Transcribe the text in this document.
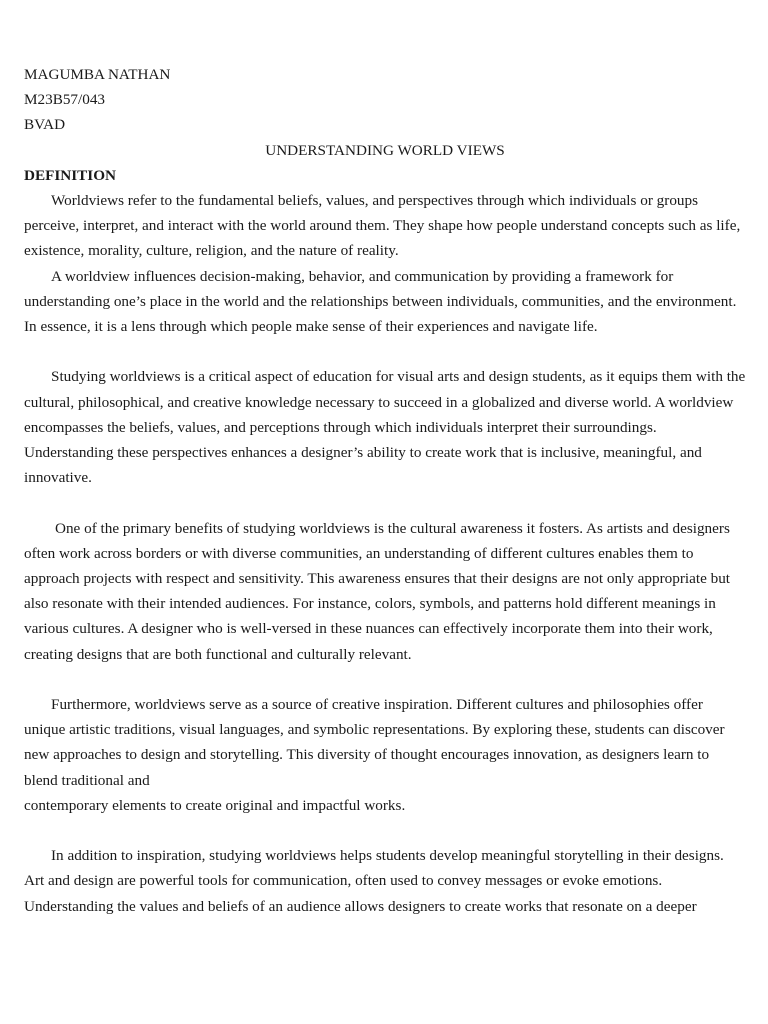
MAGUMBA NATHAN

M23B57/043

BVAD

UNDERSTANDING WORLD VIEWS

DEFINITION

Worldviews refer to the fundamental beliefs, values, and perspectives through which individuals or groups perceive, interpret, and interact with the world around them. They shape how people understand concepts such as life, existence, morality, culture, religion, and the nature of reality.

A worldview influences decision-making, behavior, and communication by providing a framework for understanding one’s place in the world and the relationships between individuals, communities, and the environment. In essence, it is a lens through which people make sense of their experiences and navigate life.

Studying worldviews is a critical aspect of education for visual arts and design students, as it equips them with the cultural, philosophical, and creative knowledge necessary to succeed in a globalized and diverse world. A worldview encompasses the beliefs, values, and perceptions through which individuals interpret their surroundings. Understanding these perspectives enhances a designer’s ability to create work that is inclusive, meaningful, and innovative.

One of the primary benefits of studying worldviews is the cultural awareness it fosters. As artists and designers often work across borders or with diverse communities, an understanding of different cultures enables them to approach projects with respect and sensitivity. This awareness ensures that their designs are not only appropriate but also resonate with their intended audiences. For instance, colors, symbols, and patterns hold different meanings in various cultures. A designer who is well-versed in these nuances can effectively incorporate them into their work, creating designs that are both functional and culturally relevant.

Furthermore, worldviews serve as a source of creative inspiration. Different cultures and philosophies offer unique artistic traditions, visual languages, and symbolic representations. By exploring these, students can discover new approaches to design and storytelling. This diversity of thought encourages innovation, as designers learn to blend traditional and

contemporary elements to create original and impactful works.

In addition to inspiration, studying worldviews helps students develop meaningful storytelling in their designs. Art and design are powerful tools for communication, often used to convey messages or evoke emotions. Understanding the values and beliefs of an audience allows designers to create works that resonate on a deeper
